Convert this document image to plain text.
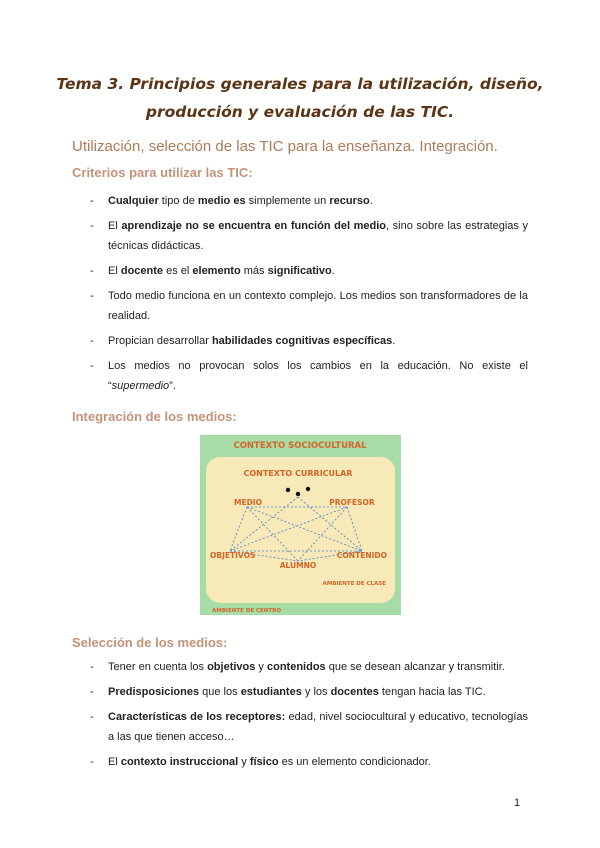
Tema 3. Principios generales para la utilización, diseño,
producción y evaluación de las TIC.
Utilización, selección de las TIC para la enseñanza. Integración.
Criterios para utilizar las TIC:
- Cualquier tipo de medio es simplemente un recurso.
- El aprendizaje no se encuentra en función del medio, sino sobre las estrategias y técnicas didácticas.
- El docente es el elemento más significativo.
- Todo medio funciona en un contexto complejo. Los medios son transformadores de la realidad.
- Propician desarrollar habilidades cognitivas específicas.
- Los medios no provocan solos los cambios en la educación. No existe el “supermedio”.
Integración de los medios:
CONTEXTO SOCIOCULTURAL
CONTEXTO CURRICULAR
MEDIO	PROFESOR
OBJETIVOS	CONTENIDO
ALUMNO
AMBIENTE DE CLASE
AMBIENTE DE CENTRO
Selección de los medios:
- Tener en cuenta los objetivos y contenidos que se desean alcanzar y transmitir.
- Predisposiciones que los estudiantes y los docentes tengan hacia las TIC.
- Características de los receptores: edad, nivel sociocultural y educativo, tecnologías a las que tienen acceso…
- El contexto instruccional y físico es un elemento condicionador.
1
